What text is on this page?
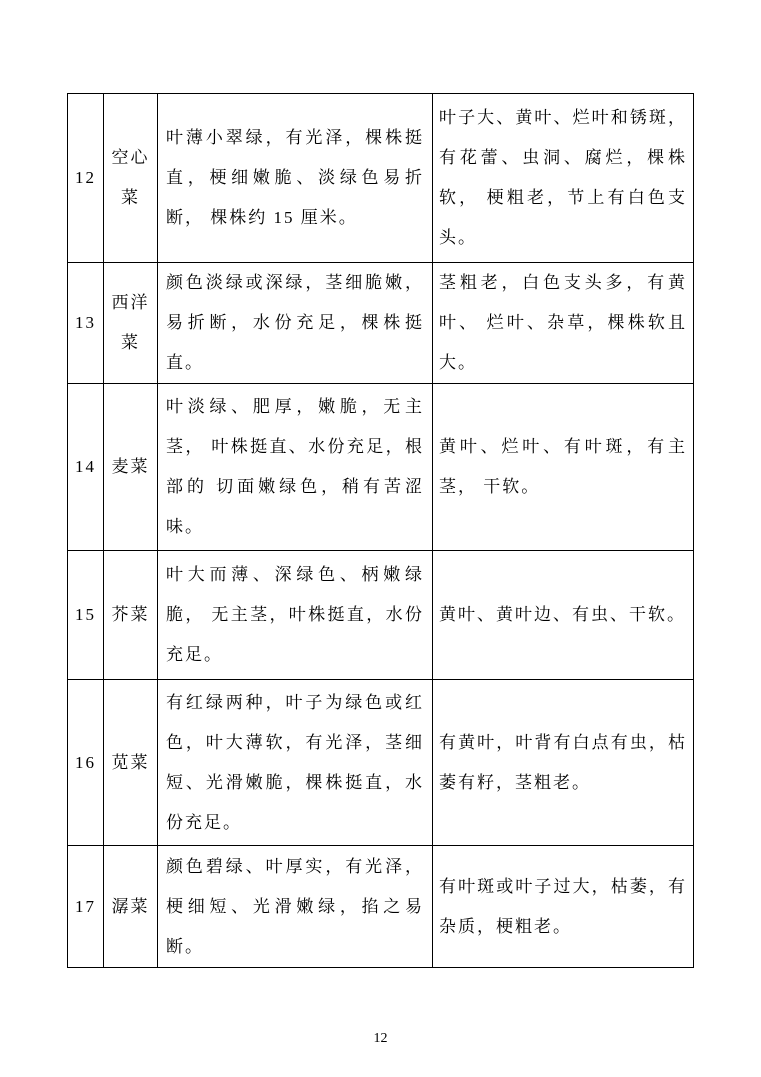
12	空心菜	叶薄小翠绿，有光泽，棵株挺直，梗细嫩脆、淡绿色易折断， 棵株约 15 厘米。	叶子大、黄叶、烂叶和锈斑，有花蕾、虫洞、腐烂，棵株软， 梗粗老，节上有白色支头。
13	西洋菜	颜色淡绿或深绿，茎细脆嫩，易折断，水份充足，棵株挺直。	茎粗老，白色支头多，有黄叶、 烂叶、杂草，棵株软且大。
14	麦菜	叶淡绿、肥厚，嫩脆，无主茎， 叶株挺直、水份充足，根部的 切面嫩绿色，稍有苦涩味。	黄叶、烂叶、有叶斑，有主茎， 干软。
15	芥菜	叶大而薄、深绿色、柄嫩绿脆， 无主茎，叶株挺直，水份充足。	黄叶、黄叶边、有虫、干软。
16	苋菜	有红绿两种，叶子为绿色或红色，叶大薄软，有光泽，茎细短、光滑嫩脆，棵株挺直，水份充足。	有黄叶，叶背有白点有虫，枯萎有籽，茎粗老。
17	潺菜	颜色碧绿、叶厚实，有光泽，梗细短、光滑嫩绿，掐之易断。	有叶斑或叶子过大，枯萎，有杂质，梗粗老。
12
